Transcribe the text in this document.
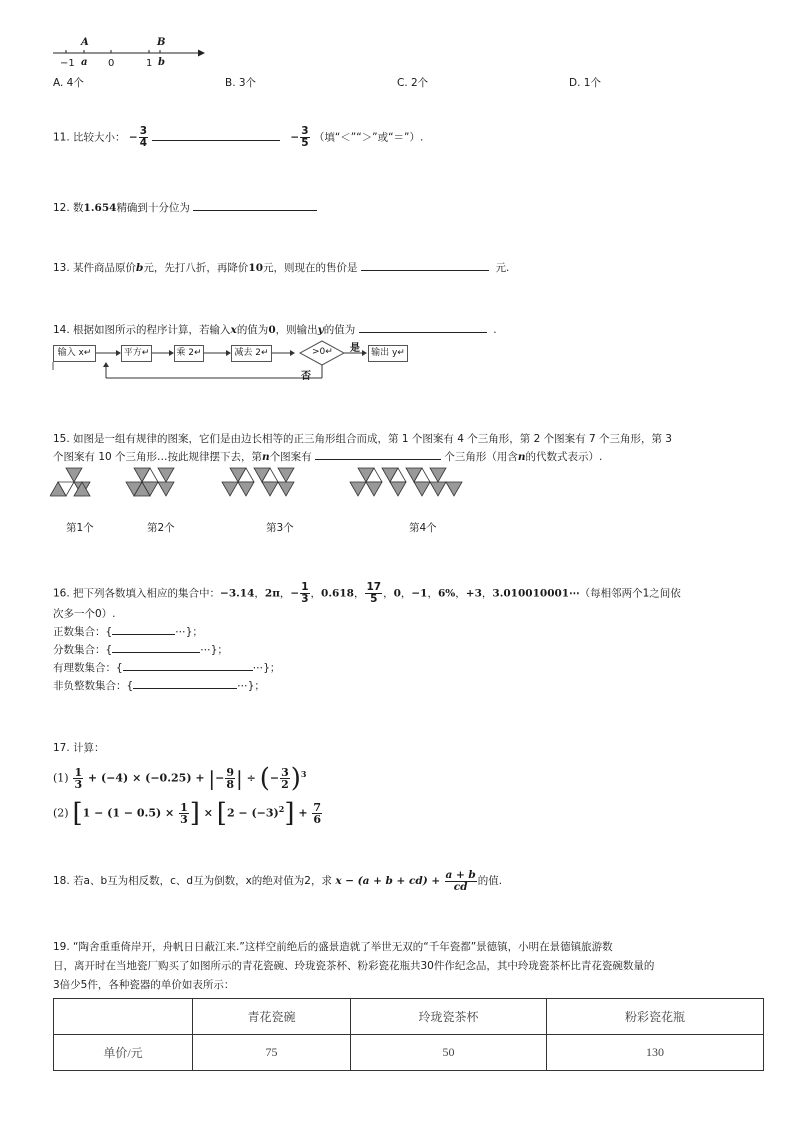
A	B
−1 a 0	1 b
A. 4个	B. 3个	C. 2个	D. 1个
11. 比较大小： − $\frac{3}{4}$	− $\frac{3}{5}$ （填“＜”“＞”或“＝”）.
12. 数1.654精确到十分位为
13. 某件商品原价b元，先打八折，再降价10元，则现在的售价是	元.
14. 根据如图所示的程序计算，若输入x的值为0，则输出y的值为	.
输入 x↵	平方↵	乘 2↵	减去 2↵	>0↵	输出 y↵
是
否
15. 如图是一组有规律的图案，它们是由边长相等的正三角形组合而成，第 1 个图案有 4 个三角形，第 2 个图案有 7 个三角形，第 3
个图案有 10 个三角形…按此规律摆下去，第n个图案有	个三角形（用含n的代数式表示）.
第1个	第2个	第3个	第4个
16. 把下列各数填入相应的集合中：−3.14，2π，− $\frac{1}{3}$ ，0.618， $\frac{17}{5}$ ，0，−1，6%，+3，3.010010001⋯（每相邻两个1之间依
次多一个0）.
正数集合：{	⋯}；
分数集合：{	⋯}；
有理数集合：{	⋯}；
非负整数集合：{	⋯}；
17. 计算：
$(1) \frac{1}{3} + (-4) \times (-0.25)$ + |− $\frac{9}{8}$ | ÷ (− $\frac{3}{2} )^3$
(2) [$1 - (1 - 0.5) \times \frac{1}{3}$ ] × $[2 - (-3)^2] + \frac{7}{6}$
18. 若a、b互为相反数，c、d互为倒数，x的绝对值为2，求 $x - (a + b + cd) + \frac{a + b}{cd}$ 的值.
19. “陶舍重重倚岸开，舟帆日日蔽江来.”这样空前绝后的盛景造就了举世无双的“千年瓷都”景德镇，小明在景德镇旅游数
日，离开时在当地瓷厂购买了如图所示的青花瓷碗、玲珑瓷茶杯、粉彩瓷花瓶共30件作纪念品，其中玲珑瓷茶杯比青花瓷碗数量的
3倍少5件，各种瓷器的单价如表所示：
	青花瓷碗	玲珑瓷茶杯	粉彩瓷花瓶
单价/元	75	50	130
